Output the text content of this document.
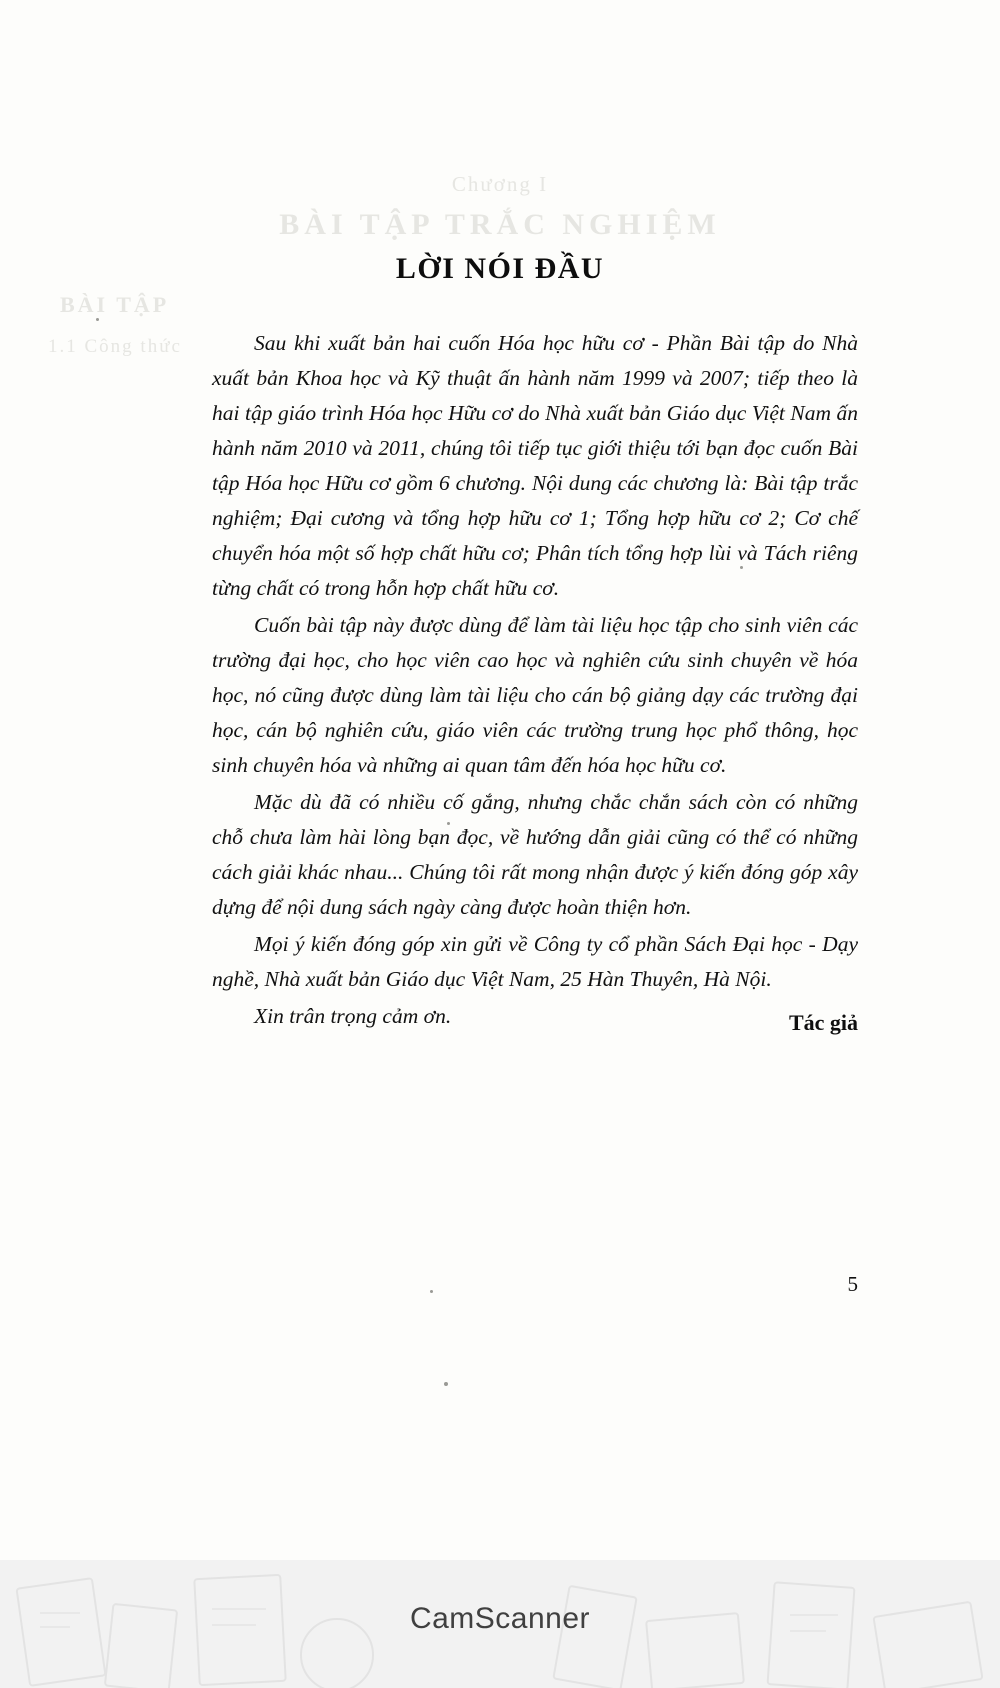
Chương I
BÀI TẬP TRẮC NGHIỆM
BÀI TẬP
1.1 Công thức
LỜI NÓI ĐẦU

Sau khi xuất bản hai cuốn Hóa học hữu cơ - Phần Bài tập do Nhà xuất bản Khoa học và Kỹ thuật ấn hành năm 1999 và 2007; tiếp theo là hai tập giáo trình Hóa học Hữu cơ do Nhà xuất bản Giáo dục Việt Nam ấn hành năm 2010 và 2011, chúng tôi tiếp tục giới thiệu tới bạn đọc cuốn Bài tập Hóa học Hữu cơ gồm 6 chương. Nội dung các chương là: Bài tập trắc nghiệm; Đại cương và tổng hợp hữu cơ 1; Tổng hợp hữu cơ 2; Cơ chế chuyển hóa một số hợp chất hữu cơ; Phân tích tổng hợp lùi và Tách riêng từng chất có trong hỗn hợp chất hữu cơ.

Cuốn bài tập này được dùng để làm tài liệu học tập cho sinh viên các trường đại học, cho học viên cao học và nghiên cứu sinh chuyên về hóa học, nó cũng được dùng làm tài liệu cho cán bộ giảng dạy các trường đại học, cán bộ nghiên cứu, giáo viên các trường trung học phổ thông, học sinh chuyên hóa và những ai quan tâm đến hóa học hữu cơ.

Mặc dù đã có nhiều cố gắng, nhưng chắc chắn sách còn có những chỗ chưa làm hài lòng bạn đọc, về hướng dẫn giải cũng có thể có những cách giải khác nhau... Chúng tôi rất mong nhận được ý kiến đóng góp xây dựng để nội dung sách ngày càng được hoàn thiện hơn.

Mọi ý kiến đóng góp xin gửi về Công ty cổ phần Sách Đại học - Dạy nghề, Nhà xuất bản Giáo dục Việt Nam, 25 Hàn Thuyên, Hà Nội.

Xin trân trọng cảm ơn.	Tác giả
5
CamScanner
